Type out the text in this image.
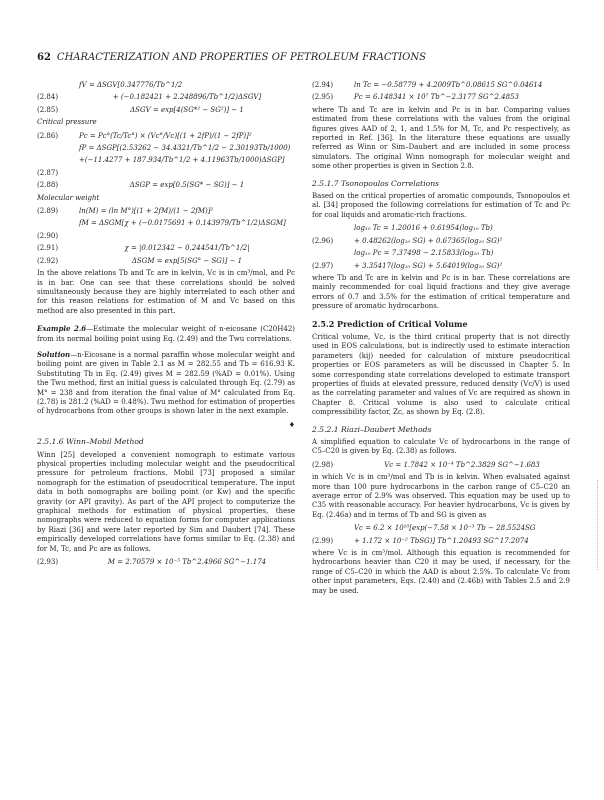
62 CHARACTERIZATION AND PROPERTIES OF PETROLEUM FRACTIONS
fV = ΔSGV[0.347776/Tb^1/2
(2.84)	+ (−0.182421 + 2.248896/Tb^1/2)ΔSGV]
(2.85)	ΔSGV = exp[4(SG*² − SG²)] − 1
Critical pressure
(2.86)	Pc = Pc°(Tc/Tc°) × (Vc°/Vc)[(1 + 2fP)/(1 − 2fP)]²
fP = ΔSGP[(2.53262 − 34.4321/Tb^1/2 − 2.30193Tb/1000)
+(−11.4277 + 187.934/Tb^1/2 + 4.11963Tb/1000)ΔSGP]
(2.87)
(2.88)	ΔSGP = exp[0.5(SG* − SG)] − 1
Molecular weight
(2.89)	ln(M) = (ln M°)[(1 + 2fM)/(1 − 2fM)]²
fM = ΔSGM[χ + (−0.0175691 + 0.143979/Tb^1/2)ΔSGM]
(2.90)
(2.91)	χ = |0.012342 − 0.244541/Tb^1/2|
(2.92)	ΔSGM = exp[5(SG° − SG)] − 1

In the above relations Tb and Tc are in kelvin, Vc is in cm³/mol, and Pc is in bar. One can see that these correlations should be solved simultaneously because they are highly interrelated to each other and for this reason relations for estimation of M and Vc based on this method are also presented in this part.

Example 2.6—Estimate the molecular weight of n-eicosane (C20H42) from its normal boiling point using Eq. (2.49) and the Twu correlations.

Solution—n-Eicosane is a normal paraffin whose molecular weight and boiling point are given in Table 2.1 as M = 282.55 and Tb = 616.93 K. Substituting Tb in Eq. (2.49) gives M = 282.59 (%AD = 0.01%). Using the Twu method, first an initial guess is calculated through Eq. (2.79) as M° = 238 and from iteration the final value of M° calculated from Eq. (2.78) is 281.2 (%AD = 0.48%). Twu method for estimation of properties of hydrocarbons from other groups is shown later in the next example.

♦
2.5.1.6 Winn–Mobil Method

Winn [25] developed a convenient nomograph to estimate various physical properties including molecular weight and the pseudocritical pressure for petroleum fractions. Mobil [73] proposed a similar nomograph for the estimation of pseudocritical temperature. The input data in both nomographs are boiling point (or Kw) and the specific gravity (or API gravity). As part of the API project to computerize the graphical methods for estimation of physical properties, these nomographs were reduced to equation forms for computer applications by Riazi [36] and were later reported by Sim and Daubert [74]. These empirically developed correlations have forms similar to Eq. (2.38) and for M, Tc, and Pc are as follows.

(2.93)	M = 2.70579 × 10⁻⁵ Tb^2.4966 SG^−1.174
(2.94)	ln Tc = −0.58779 + 4.2009Tb^0.08615 SG^0.04614
(2.95)	Pc = 6.148341 × 10⁷ Tb^−2.3177 SG^2.4853

where Tb and Tc are in kelvin and Pc is in bar. Comparing values estimated from these correlations with the values from the original figures gives AAD of 2, 1, and 1.5% for M, Tc, and Pc respectively, as reported in Ref. [36]. In the literature these equations are usually referred as Winn or Sim–Daubert and are included in some process simulators. The original Winn nomograph for molecular weight and some other properties is given in Section 2.8.

2.5.1.7 Tsonopoulos Correlations

Based on the critical properties of aromatic compounds, Tsonopoulos et al. [34] proposed the following correlations for estimation of Tc and Pc for coal liquids and aromatic-rich fractions.

log₁₀ Tc = 1.20016 + 0.61954(log₁₀ Tb)
(2.96)	+ 0.48262(log₁₀ SG) + 0.67365(log₁₀ SG)²
log₁₀ Pc = 7.37498 − 2.15833(log₁₀ Tb)
(2.97)	+ 3.35417(log₁₀ SG) + 5.64019(log₁₀ SG)²

where Tb and Tc are in kelvin and Pc is in bar. These correlations are mainly recommended for coal liquid fractions and they give average errors of 0.7 and 3.5% for the estimation of critical temperature and pressure of aromatic hydrocarbons.

2.5.2 Prediction of Critical Volume

Critical volume, Vc, is the third critical property that is not directly used in EOS calculations, but is indirectly used to estimate interaction parameters (kij) needed for calculation of mixture pseudocritical properties or EOS parameters as will be discussed in Chapter 5. In some corresponding state correlations developed to estimate transport properties of fluids at elevated pressure, reduced density (Vc/V) is used as the correlating parameter and values of Vc are required as shown in Chapter 8. Critical volume is also used to calculate critical compressibility factor, Zc, as shown by Eq. (2.8).

2.5.2.1 Riazi–Daubert Methods

A simplified equation to calculate Vc of hydrocarbons in the range of C5–C20 is given by Eq. (2.38) as follows.

(2.98)	Vc = 1.7842 × 10⁻⁴ Tb^2.3829 SG^−1.683

in which Vc is in cm³/mol and Tb is in kelvin. When evaluated against more than 100 pure hydrocarbons in the carbon range of C5–C20 an average error of 2.9% was observed. This equation may be used up to C35 with reasonable accuracy. For heavier hydrocarbons, Vc is given by Eq. (2.46a) and in terms of Tb and SG is given as

Vc = 6.2 × 10¹⁰[exp(−7.58 × 10⁻³ Tb − 28.5524SG
(2.99)	+ 1.172 × 10⁻² TbSG)] Tb^1.20493 SG^17.2074

where Vc is in cm³/mol. Although this equation is recommended for hydrocarbons heavier than C20 it may be used, if necessary, for the range of C5–C20 in which the AAD is about 2.5%. To calculate Vc from other input parameters, Eqs. (2.40) and (2.46b) with Tables 2.5 and 2.9 may be used.
